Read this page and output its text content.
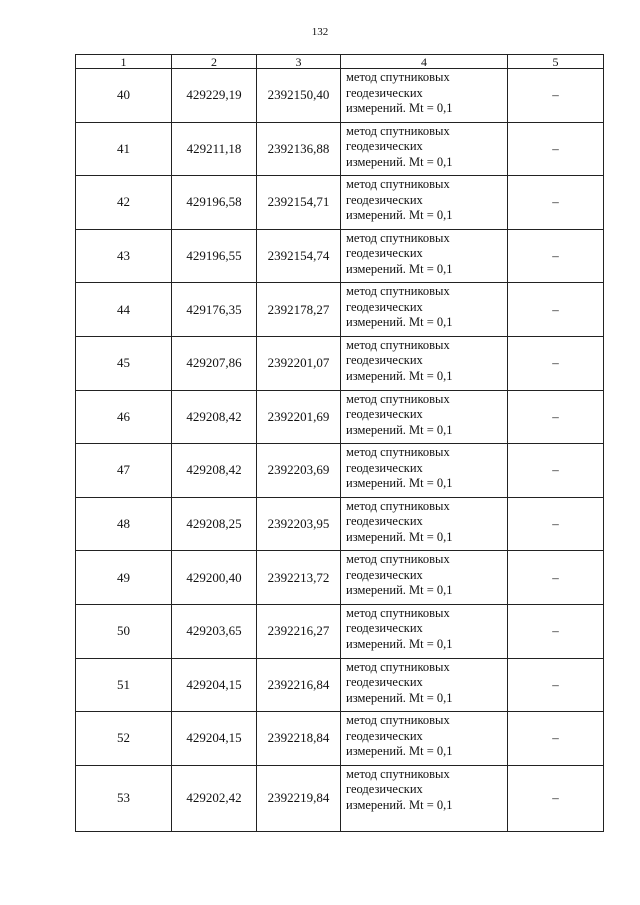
132
1	2	3	4	5
40	429229,19	2392150,40	метод спутниковых
геодезических
измерений. Mt = 0,1	–
41	429211,18	2392136,88	метод спутниковых
геодезических
измерений. Mt = 0,1	–
42	429196,58	2392154,71	метод спутниковых
геодезических
измерений. Mt = 0,1	–
43	429196,55	2392154,74	метод спутниковых
геодезических
измерений. Mt = 0,1	–
44	429176,35	2392178,27	метод спутниковых
геодезических
измерений. Mt = 0,1	–
45	429207,86	2392201,07	метод спутниковых
геодезических
измерений. Mt = 0,1	–
46	429208,42	2392201,69	метод спутниковых
геодезических
измерений. Mt = 0,1	–
47	429208,42	2392203,69	метод спутниковых
геодезических
измерений. Mt = 0,1	–
48	429208,25	2392203,95	метод спутниковых
геодезических
измерений. Mt = 0,1	–
49	429200,40	2392213,72	метод спутниковых
геодезических
измерений. Mt = 0,1	–
50	429203,65	2392216,27	метод спутниковых
геодезических
измерений. Mt = 0,1	–
51	429204,15	2392216,84	метод спутниковых
геодезических
измерений. Mt = 0,1	–
52	429204,15	2392218,84	метод спутниковых
геодезических
измерений. Mt = 0,1	–
53	429202,42	2392219,84	метод спутниковых
геодезических
измерений. Mt = 0,1	–
